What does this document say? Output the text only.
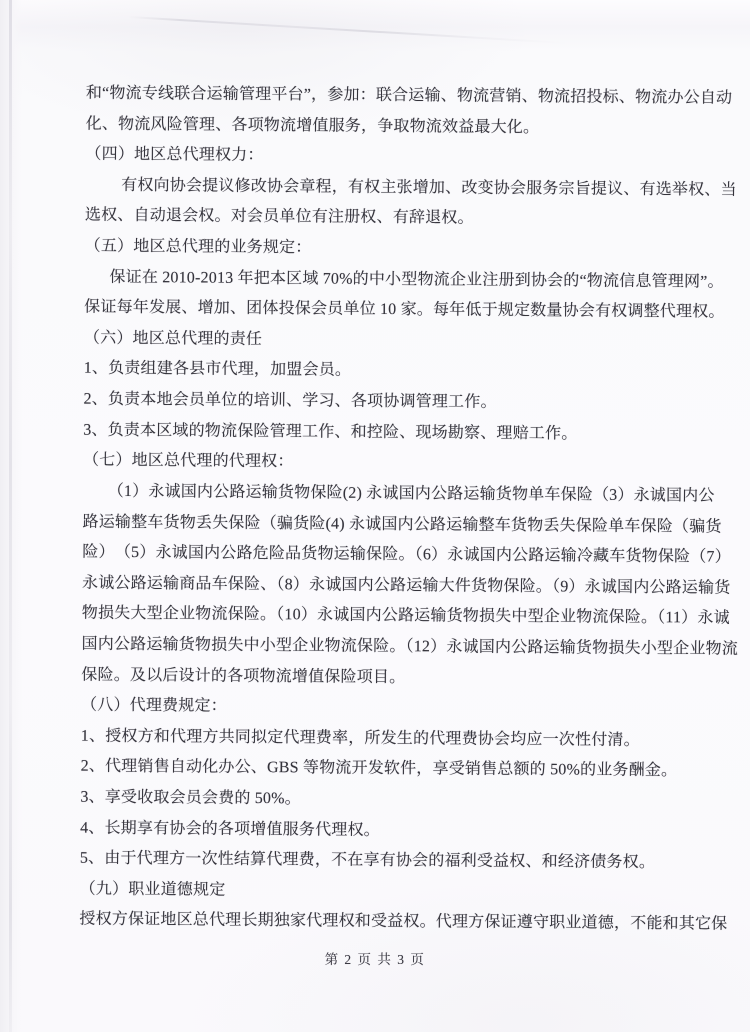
和“物流专线联合运输管理平台”，参加：联合运输、物流营销、物流招投标、物流办公自动

化、物流风险管理、各项物流增值服务，争取物流效益最大化。

（四）地区总代理权力：

有权向协会提议修改协会章程，有权主张增加、改变协会服务宗旨提议、有选举权、当

选权、自动退会权。对会员单位有注册权、有辞退权。

（五）地区总代理的业务规定：

保证在 2010-2013 年把本区域 70%的中小型物流企业注册到协会的“物流信息管理网”。

保证每年发展、增加、团体投保会员单位 10 家。每年低于规定数量协会有权调整代理权。

（六）地区总代理的责任

1、负责组建各县市代理，加盟会员。

2、负责本地会员单位的培训、学习、各项协调管理工作。

3、负责本区域的物流保险管理工作、和控险、现场勘察、理赔工作。

（七）地区总代理的代理权：

（1）永诚国内公路运输货物保险(2) 永诚国内公路运输货物单车保险（3）永诚国内公

路运输整车货物丢失保险（骗货险(4) 永诚国内公路运输整车货物丢失保险单车保险（骗货

险）　（5）永诚国内公路危险品货物运输保险。（6）永诚国内公路运输冷藏车货物保险（7）

永诚公路运输商品车保险、（8）永诚国内公路运输大件货物保险。（9）永诚国内公路运输货

物损失大型企业物流保险。（10）永诚国内公路运输货物损失中型企业物流保险。（11）永诚

国内公路运输货物损失中小型企业物流保险。（12）永诚国内公路运输货物损失小型企业物流

保险。及以后设计的各项物流增值保险项目。

（八）代理费规定：

1、授权方和代理方共同拟定代理费率，所发生的代理费协会均应一次性付清。

2、代理销售自动化办公、GBS 等物流开发软件，享受销售总额的 50%的业务酬金。

3、享受收取会员会费的 50%。

4、长期享有协会的各项增值服务代理权。

5、由于代理方一次性结算代理费，不在享有协会的福利受益权、和经济债务权。

（九）职业道德规定

授权方保证地区总代理长期独家代理权和受益权。代理方保证遵守职业道德，不能和其它保

第 2 页 共 3 页
